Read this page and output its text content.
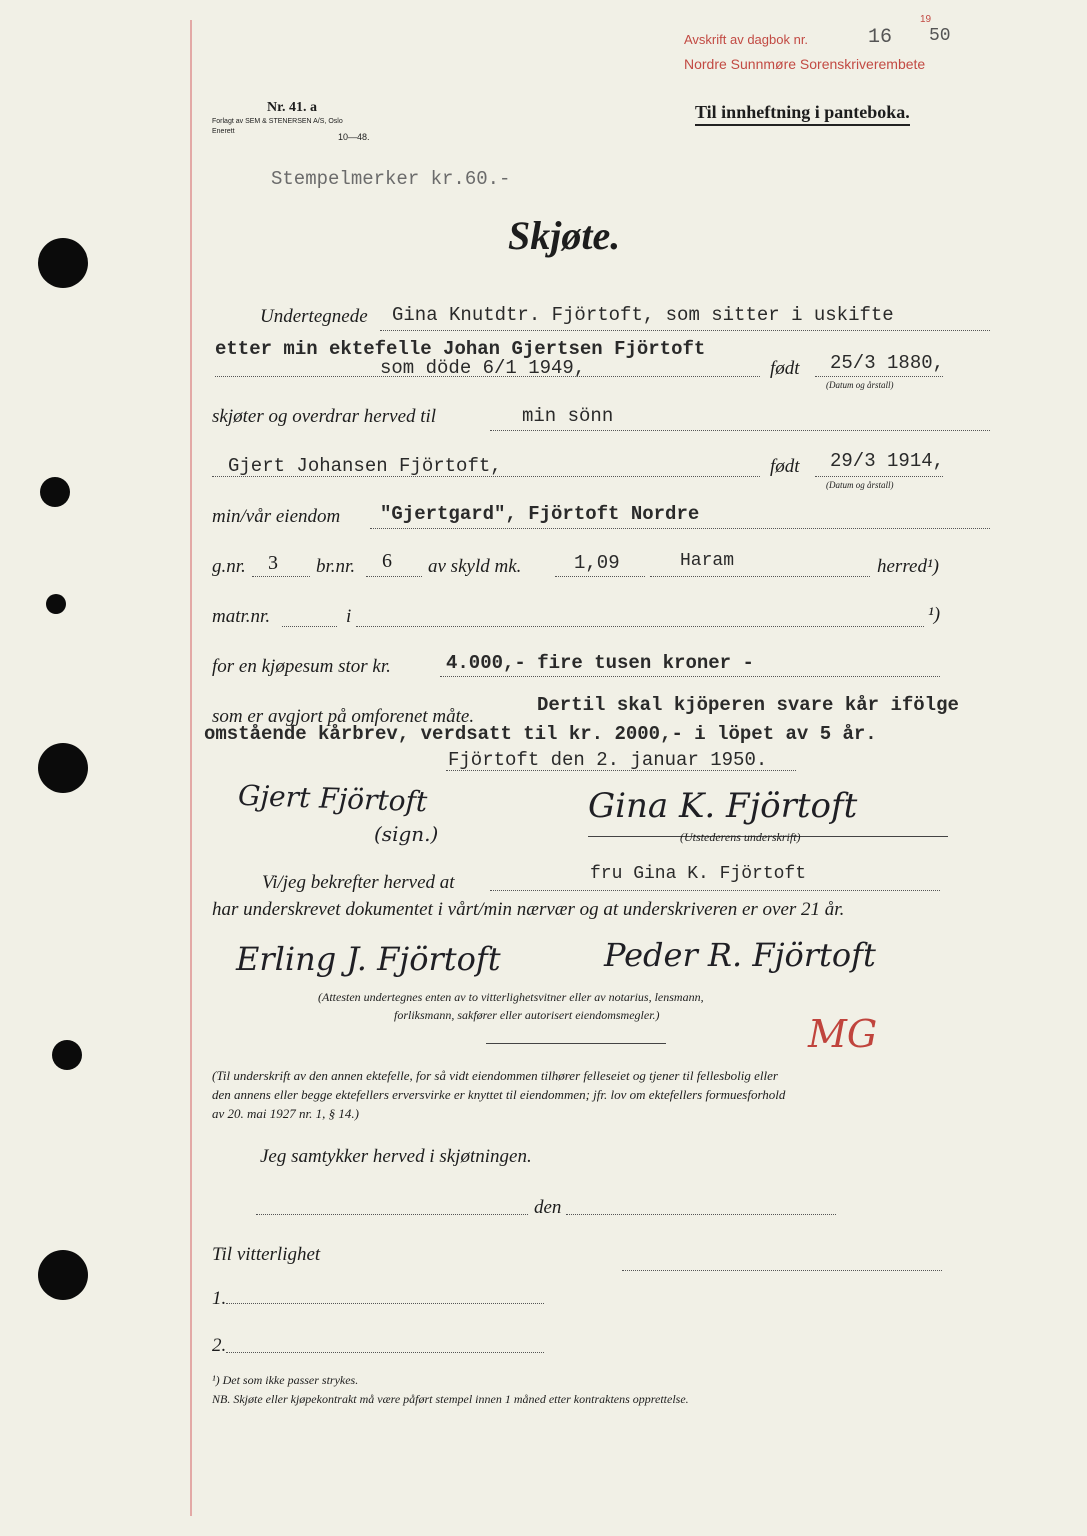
Avskrift av dagbok nr.	16
19
50
Nordre Sunnmøre Sorenskriverembete
Nr. 41. a
Forlagt av SEM & STENERSEN A/S, Oslo
Enerett
10—48.
Til innheftning i panteboka.
Stempelmerker kr.60.-
Skjøte.
Undertegnede Gina Knutdtr. Fjörtoft, som sitter i uskifte
etter min ektefelle Johan Gjertsen Fjörtoft
som döde 6/1 1949,	født 25/3 1880,
(Datum og årstall)
skjøter og overdrar herved til	min sönn
Gjert Johansen Fjörtoft,	født 29/3 1914,
(Datum og årstall)
min/vår eiendom "Gjertgard", Fjörtoft Nordre
g.nr. 3 br.nr. 6 av skyld mk.	1,09	Haram	herred¹)
matr.nr.	i	¹)
for en kjøpesum stor kr.	4.000,- fire tusen kroner -
som er avgjort på omforenet måte.
Dertil skal kjöperen svare kår ifölge
omstående kårbrev, verdsatt til kr. 2000,- i löpet av 5 år.
Fjörtoft den 2. januar 1950.
Gjert Fjörtoft
(sign.)
Gina K. Fjörtoft
(Utstederens underskrift)
fru Gina K. Fjörtoft
Vi/jeg bekrefter herved at
har underskrevet dokumentet i vårt/min nærvær og at underskriveren er over 21 år.
Erling J. Fjörtoft	Peder R. Fjörtoft
(Attesten undertegnes enten av to vitterlighetsvitner eller av notarius, lensmann,
forliksmann, sakfører eller autorisert eiendomsmegler.)	MG
(Til underskrift av den annen ektefelle, for så vidt eiendommen tilhører felleseiet og tjener til fellesbolig eller
den annens eller begge ektefellers erversvirke er knyttet til eiendommen; jfr. lov om ektefellers formuesforhold
av 20. mai 1927 nr. 1, § 14.)
Jeg samtykker herved i skjøtningen.
den
Til vitterlighet
1.
2.
¹) Det som ikke passer strykes.
NB. Skjøte eller kjøpekontrakt må være påført stempel innen 1 måned etter kontraktens opprettelse.
